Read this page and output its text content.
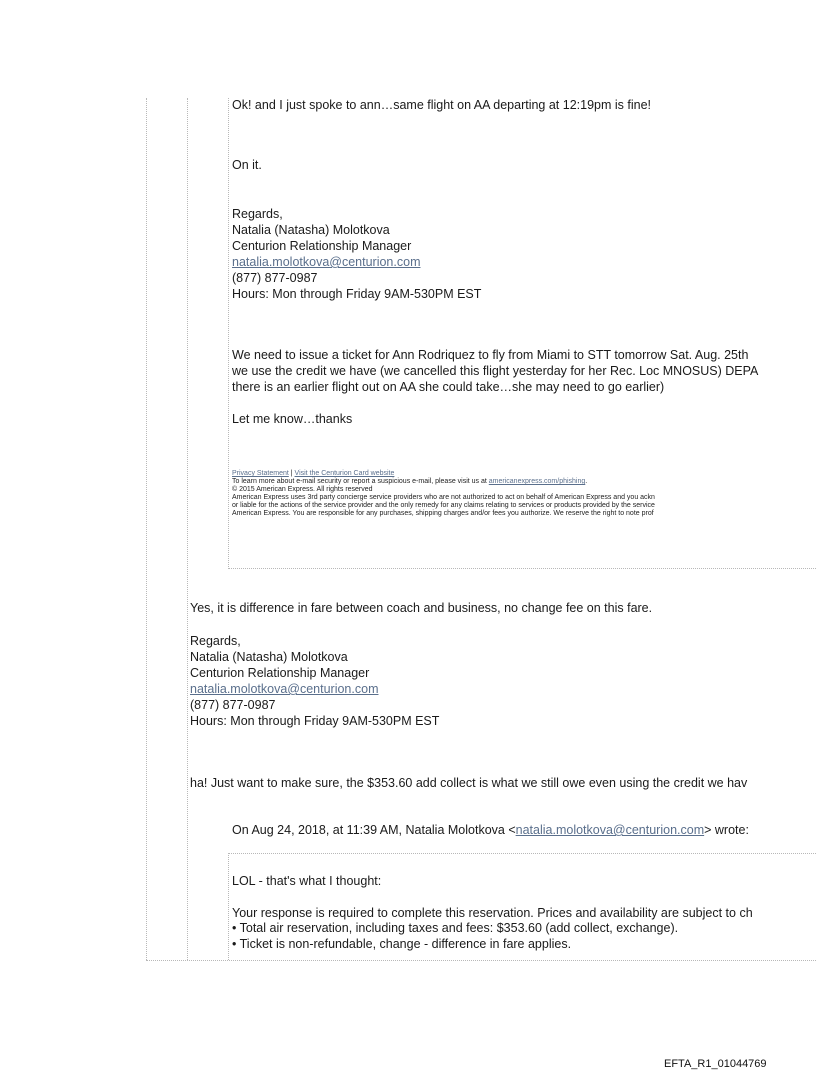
Ok! and I just spoke to ann…same flight on AA departing at 12:19pm is fine!
On it.
Regards,
Natalia (Natasha) Molotkova
Centurion Relationship Manager
natalia.molotkova@centurion.com
(877) 877-0987
Hours: Mon through Friday 9AM-530PM EST
We need to issue a ticket for Ann Rodriquez to fly from Miami to STT tomorrow Sat. Aug. 25th
we use the credit we have (we cancelled this flight yesterday for her Rec. Loc MNOSUS) DEPA
there is an earlier flight out on AA she could take…she may need to go earlier)
Let me know…thanks
Privacy Statement | Visit the Centurion Card website
To learn more about e-mail security or report a suspicious e-mail, please visit us at americanexpress.com/phishing.
© 2015 American Express. All rights reserved
American Express uses 3rd party concierge service providers who are not authorized to act on behalf of American Express and you ackn
or liable for the actions of the service provider and the only remedy for any claims relating to services or products provided by the service
American Express. You are responsible for any purchases, shipping charges and/or fees you authorize. We reserve the right to note prof
Yes, it is difference in fare between coach and business, no change fee on this fare.
Regards,
Natalia (Natasha) Molotkova
Centurion Relationship Manager
natalia.molotkova@centurion.com
(877) 877-0987
Hours: Mon through Friday 9AM-530PM EST
ha! Just want to make sure, the $353.60 add collect is what we still owe even using the credit we hav
On Aug 24, 2018, at 11:39 AM, Natalia Molotkova <natalia.molotkova@centurion.com> wrote:
LOL - that's what I thought:
Your response is required to complete this reservation. Prices and availability are subject to ch
• Total air reservation, including taxes and fees: $353.60 (add collect, exchange).
• Ticket is non-refundable, change - difference in fare applies.
EFTA_R1_01044769
